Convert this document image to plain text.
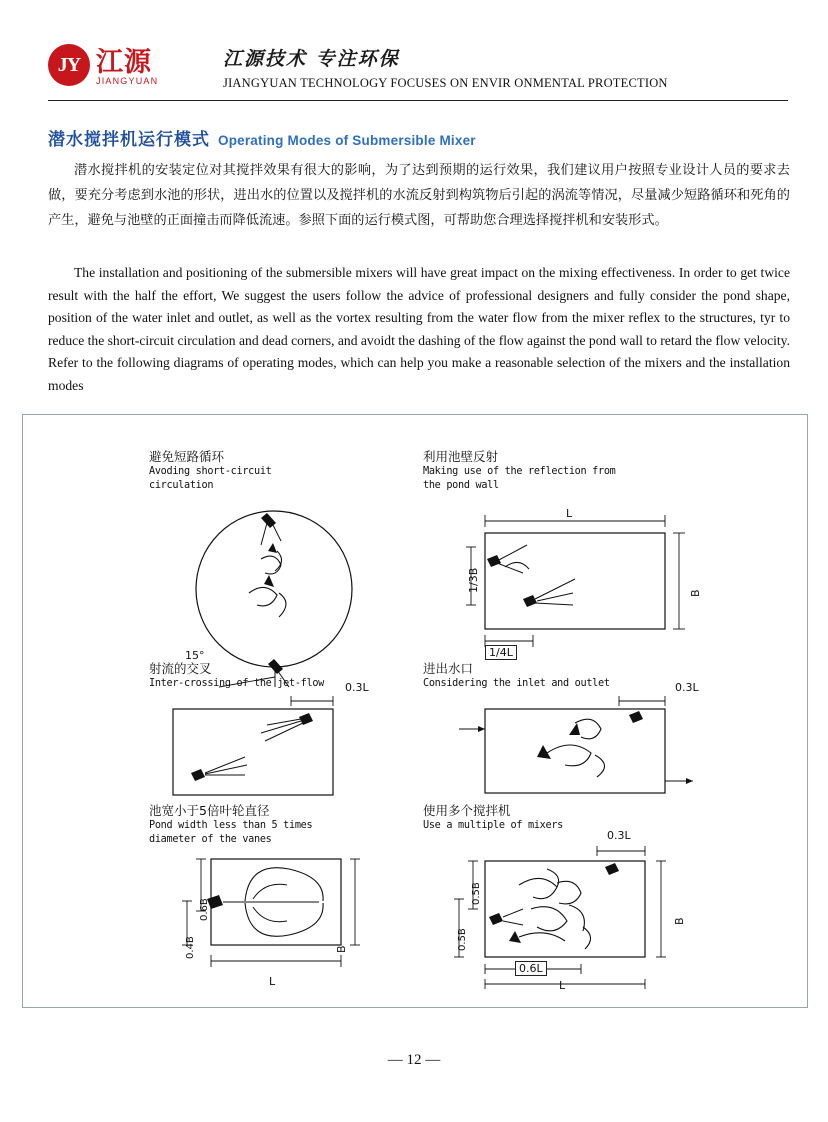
JY 江源
JIANGYUAN
江源技术 专注环保
JIANGYUAN TECHNOLOGY FOCUSES ON ENVIR ONMENTAL PROTECTION
潜水搅拌机运行模式 Operating Modes of Submersible Mixer
潜水搅拌机的安装定位对其搅拌效果有很大的影响，为了达到预期的运行效果，我们建议用户按照专业设计人员的要求去做，要充分考虑到水池的形状，进出水的位置以及搅拌机的水流反射到构筑物后引起的涡流等情况，尽量减少短路循环和死角的产生，避免与池壁的正面撞击而降低流速。参照下面的运行模式图，可帮助您合理选择搅拌机和安装形式。
The installation and positioning of the submersible mixers will have great impact on the mixing effectiveness. In order to get twice result with the half the effort, We suggest the users follow the advice of professional designers and fully consider the pond shape, position of the water inlet and outlet, as well as the vortex resulting from the water flow from the mixer reflex to the structures, tyr to reduce the short-circuit circulation and dead corners, and avoidt the dashing of the flow against the pond wall to retard the flow velocity. Refer to the following diagrams of operating modes, which can help you make a reasonable selection of the mixers and the installation modes
避免短路循环
Avoding short-circuit
circulation
15°
利用池壁反射
Making use of the reflection from
the pond wall
L
B
1/3B
1/4L
射流的交叉
Inter-crossing of the jet-flow	0.3L
进出水口
Considering the inlet and outlet	0.3L
池宽小于5倍叶轮直径
Pond width less than 5 times
diameter of the vanes
B
0.6B
0.4B
L
使用多个搅拌机
Use a multiple of mixers
0.3L
0.5B
0.5B
B
0.6L
L
— 12 —
